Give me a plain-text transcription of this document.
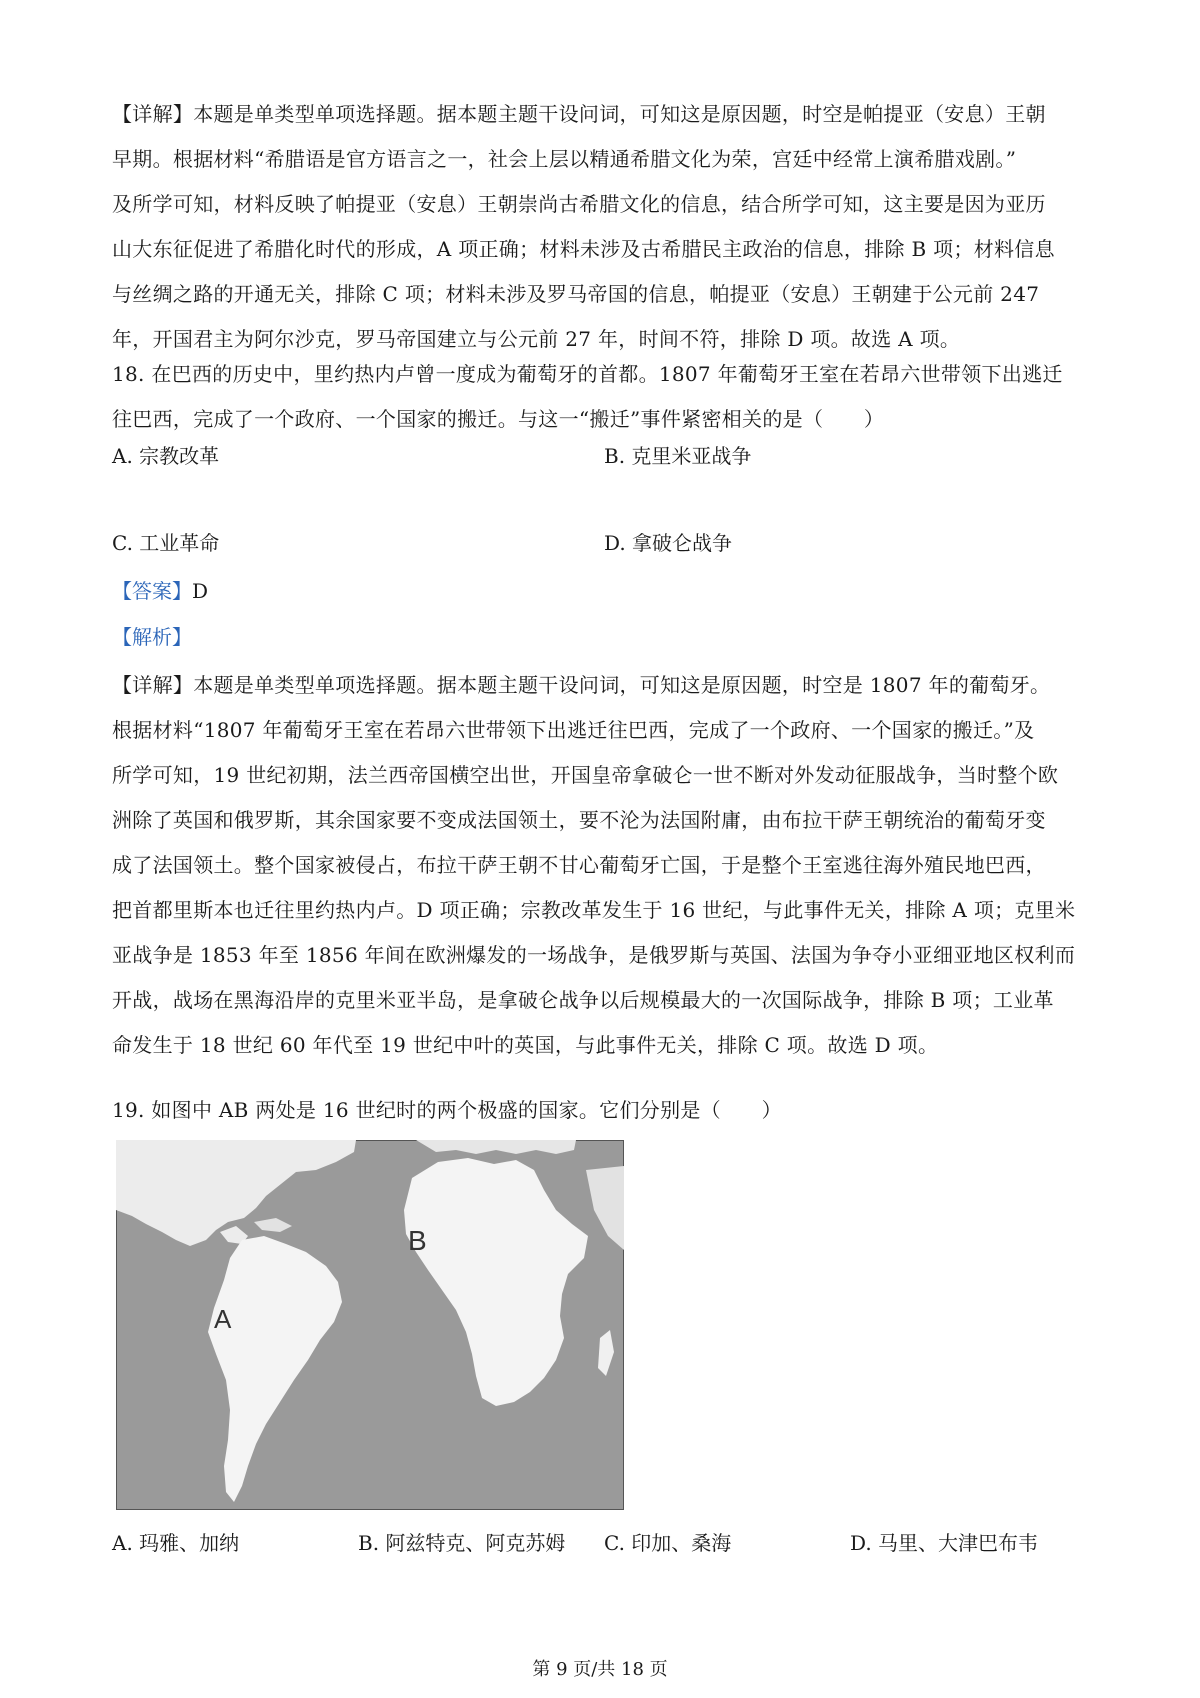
【详解】本题是单类型单项选择题。据本题主题干设问词，可知这是原因题，时空是帕提亚（安息）王朝
早期。根据材料“希腊语是官方语言之一，社会上层以精通希腊文化为荣，宫廷中经常上演希腊戏剧。”
及所学可知，材料反映了帕提亚（安息）王朝崇尚古希腊文化的信息，结合所学可知，这主要是因为亚历
山大东征促进了希腊化时代的形成，A 项正确；材料未涉及古希腊民主政治的信息，排除 B 项；材料信息
与丝绸之路的开通无关，排除 C 项；材料未涉及罗马帝国的信息，帕提亚（安息）王朝建于公元前 247
年，开国君主为阿尔沙克，罗马帝国建立与公元前 27 年，时间不符，排除 D 项。故选 A 项。
18. 在巴西的历史中，里约热内卢曾一度成为葡萄牙的首都。1807 年葡萄牙王室在若昂六世带领下出逃迁
往巴西，完成了一个政府、一个国家的搬迁。与这一“搬迁”事件紧密相关的是（　　）
A. 宗教改革	B. 克里米亚战争
C. 工业革命	D. 拿破仑战争
【答案】D
【解析】
【详解】本题是单类型单项选择题。据本题主题干设问词，可知这是原因题，时空是 1807 年的葡萄牙。
根据材料“1807 年葡萄牙王室在若昂六世带领下出逃迁往巴西，完成了一个政府、一个国家的搬迁。”及
所学可知，19 世纪初期，法兰西帝国横空出世，开国皇帝拿破仑一世不断对外发动征服战争，当时整个欧
洲除了英国和俄罗斯，其余国家要不变成法国领土，要不沦为法国附庸，由布拉干萨王朝统治的葡萄牙变
成了法国领土。整个国家被侵占，布拉干萨王朝不甘心葡萄牙亡国，于是整个王室逃往海外殖民地巴西，
把首都里斯本也迁往里约热内卢。D 项正确；宗教改革发生于 16 世纪，与此事件无关，排除 A 项；克里米
亚战争是 1853 年至 1856 年间在欧洲爆发的一场战争，是俄罗斯与英国、法国为争夺小亚细亚地区权利而
开战，战场在黑海沿岸的克里米亚半岛，是拿破仑战争以后规模最大的一次国际战争，排除 B 项；工业革
命发生于 18 世纪 60 年代至 19 世纪中叶的英国，与此事件无关，排除 C 项。故选 D 项。
19. 如图中 AB 两处是 16 世纪时的两个极盛的国家。它们分别是（　　）
B
A
A. 玛雅、加纳	B. 阿兹特克、阿克苏姆 C. 印加、桑海	D. 马里、大津巴布韦
第 9 页/共 18 页
